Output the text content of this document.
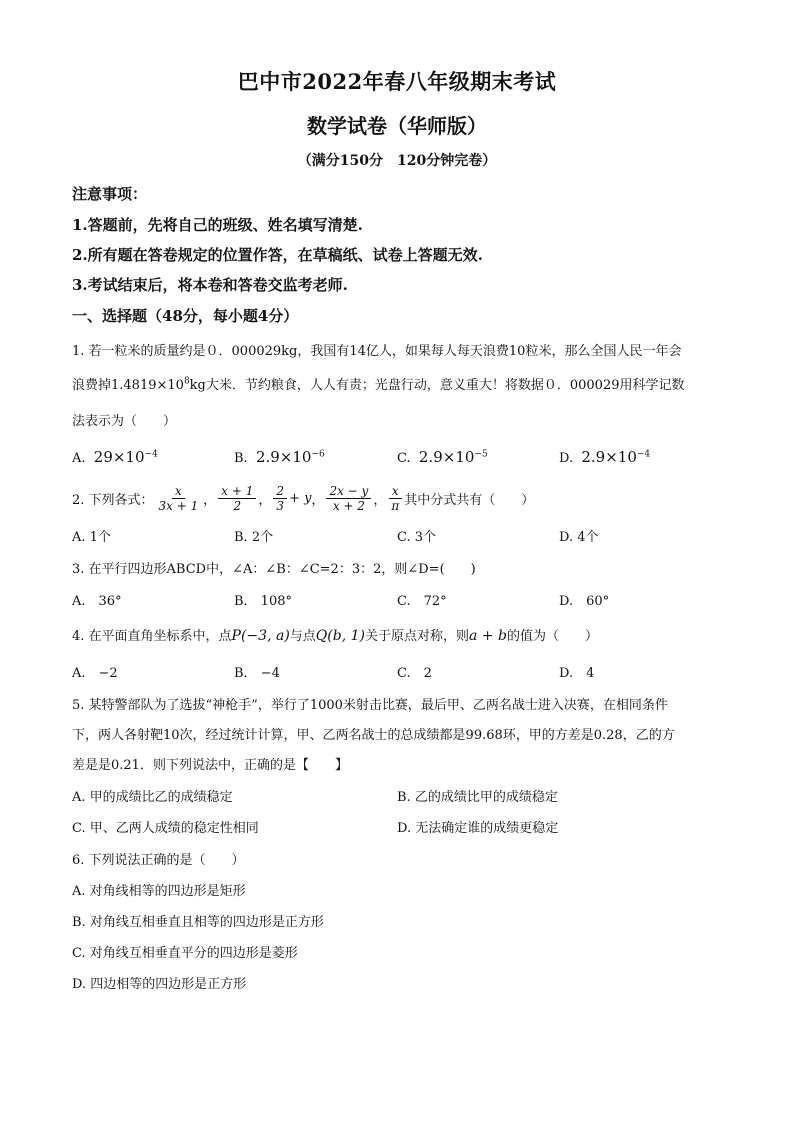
巴中市2022年春八年级期末考试
数学试卷（华师版）
（满分150分　120分钟完卷）
注意事项：
1.答题前，先将自己的班级、姓名填写清楚.
2.所有题在答卷规定的位置作答，在草稿纸、试卷上答题无效.
3.考试结束后，将本卷和答卷交监考老师.
一、选择题（48分，每小题4分）
1. 若一粒米的质量约是０．000029kg，我国有14亿人，如果每人每天浪费10粒米，那么全国人民一年会
浪费掉$1.4819\times 10^8kg$大米．节约粮食，人人有责；光盘行动，意义重大！将数据０．000029用科学记数
法表示为（　　）
A. $29\times 10^{-4}$	B. $2.9\times 10^{-6}$	C. $2.9\times 10^{-5}$	D. $2.9\times 10^{-4}$
2. 下列各式： $\frac{x}{3x + 1}$ ， $\frac{x + 1}{2}$ ， $\frac{2}{3} + y$ ， $\frac{2x - y}{x + 2}$ ， $\frac{x}{\pi}$ 其中分式共有（　　）
A. 1个	B. 2个	C. 3个	D. 4个
3. 在平行四边形ABCD中，∠A：∠B：∠C=2：3：2，则∠D=(　　)
A.　36°	B.　108°	C.　72°	D.　60°
4. 在平面直角坐标系中，点P(−3, a)与点Q(b, 1)关于原点对称，则a + b的值为（　　）
A.　−2	B.　−4	C.　2	D.　4
5. 某特警部队为了选拔“神枪手”，举行了1000米射击比赛，最后甲、乙两名战士进入决赛，在相同条件
下，两人各射靶10次，经过统计计算，甲、乙两名战士的总成绩都是99.68环，甲的方差是0.28，乙的方
差是是0.21．则下列说法中，正确的是【　　】
A. 甲的成绩比乙的成绩稳定	B. 乙的成绩比甲的成绩稳定
C. 甲、乙两人成绩的稳定性相同	D. 无法确定谁的成绩更稳定
6. 下列说法正确的是（　　）
A. 对角线相等的四边形是矩形
B. 对角线互相垂直且相等的四边形是正方形
C. 对角线互相垂直平分的四边形是菱形
D. 四边相等的四边形是正方形
